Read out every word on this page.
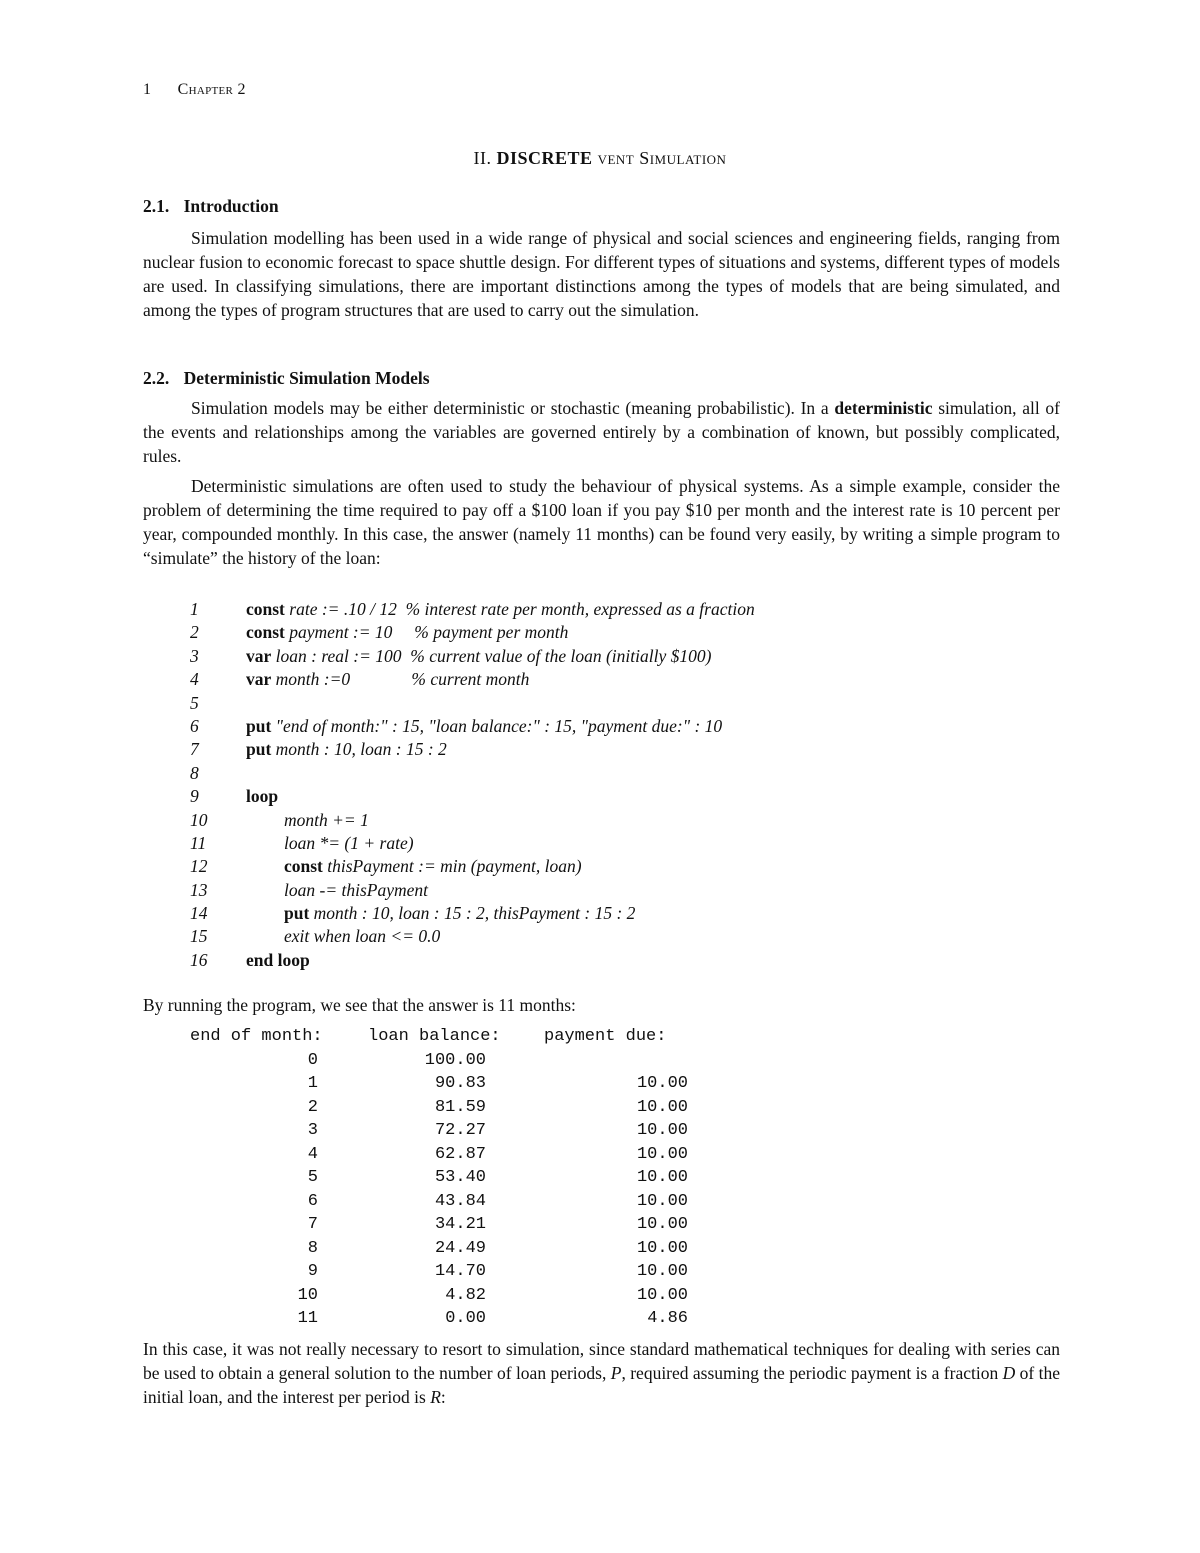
1 Chapter 2
II. DISCRETE vent Simulation
2.1. Introduction

Simulation modelling has been used in a wide range of physical and social sciences and engineering fields, ranging from nuclear fusion to economic forecast to space shuttle design. For different types of situations and systems, different types of models are used. In classifying simulations, there are important distinctions among the types of models that are being simulated, and among the types of program structures that are used to carry out the simulation.

2.2. Deterministic Simulation Models

Simulation models may be either deterministic or stochastic (meaning probabilistic). In a deterministic simulation, all of the events and relationships among the variables are governed entirely by a combination of known, but possibly complicated, rules.

Deterministic simulations are often used to study the behaviour of physical systems. As a simple example, consider the problem of determining the time required to pay off a $100 loan if you pay $10 per month and the interest rate is 10 percent per year, compounded monthly. In this case, the answer (namely 11 months) can be found very easily, by writing a simple program to “simulate” the history of the loan:

1	const rate := .10 / 12  % interest rate per month, expressed as a fraction
2	const payment := 10     % payment per month
3	var loan : real := 100  % current value of the loan (initially $100)
4	var month :=0              % current month
5
6	put "end of month:" : 15, "loan balance:" : 15, "payment due:" : 10
7	put month : 10, loan : 15 : 2
8
9	loop
10	month += 1
11	loan *= (1 + rate)
12	const thisPayment := min (payment, loan)
13	loan -= thisPayment
14	put month : 10, loan : 15 : 2, thisPayment : 15 : 2
15	exit when loan <= 0.0
16 end loop
By running the program, we see that the answer is 11 months:
end of month:	loan balance:	payment due:
0	100.00
1	90.83	10.00
2	81.59	10.00
3	72.27	10.00
4	62.87	10.00
5	53.40	10.00
6	43.84	10.00
7	34.21	10.00
8	24.49	10.00
9	14.70	10.00
10	4.82	10.00
11	0.00	4.86

In this case, it was not really necessary to resort to simulation, since standard mathematical techniques for dealing with series can be used to obtain a general solution to the number of loan periods, P, required assuming the periodic payment is a fraction D of the initial loan, and the interest per period is R:
